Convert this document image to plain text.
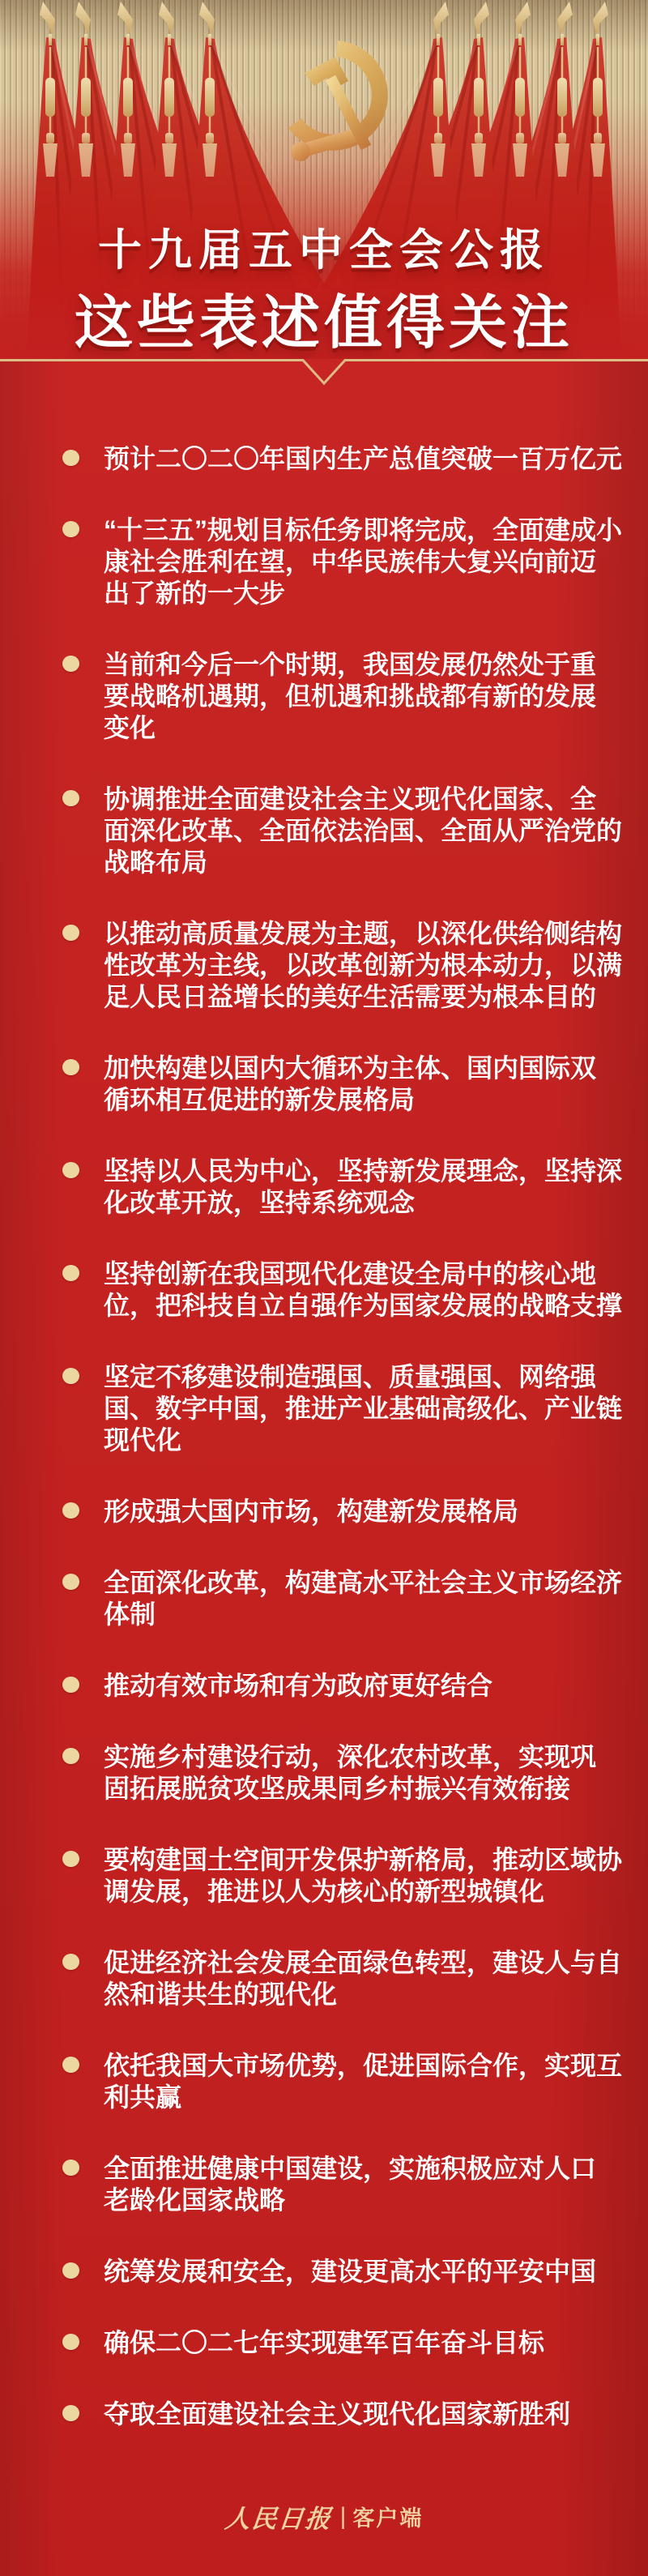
十九届五中全会公报
这些表述值得关注

预计二〇二〇年国内生产总值突破一百万亿元

“十三五”规划目标任务即将完成，全面建成小康社会胜利在望，中华民族伟大复兴向前迈出了新的一大步

当前和今后一个时期，我国发展仍然处于重要战略机遇期，但机遇和挑战都有新的发展变化

协调推进全面建设社会主义现代化国家、全面深化改革、全面依法治国、全面从严治党的战略布局

以推动高质量发展为主题，以深化供给侧结构性改革为主线，以改革创新为根本动力，以满足人民日益增长的美好生活需要为根本目的

加快构建以国内大循环为主体、国内国际双循环相互促进的新发展格局

坚持以人民为中心，坚持新发展理念，坚持深化改革开放，坚持系统观念

坚持创新在我国现代化建设全局中的核心地位，把科技自立自强作为国家发展的战略支撑

坚定不移建设制造强国、质量强国、网络强国、数字中国，推进产业基础高级化、产业链现代化

形成强大国内市场，构建新发展格局

全面深化改革，构建高水平社会主义市场经济体制

推动有效市场和有为政府更好结合

实施乡村建设行动，深化农村改革，实现巩固拓展脱贫攻坚成果同乡村振兴有效衔接

要构建国土空间开发保护新格局，推动区域协调发展，推进以人为核心的新型城镇化

促进经济社会发展全面绿色转型，建设人与自然和谐共生的现代化

依托我国大市场优势，促进国际合作，实现互利共赢

全面推进健康中国建设，实施积极应对人口老龄化国家战略

统筹发展和安全，建设更高水平的平安中国

确保二〇二七年实现建军百年奋斗目标

夺取全面建设社会主义现代化国家新胜利

人民日报 | 客户端
